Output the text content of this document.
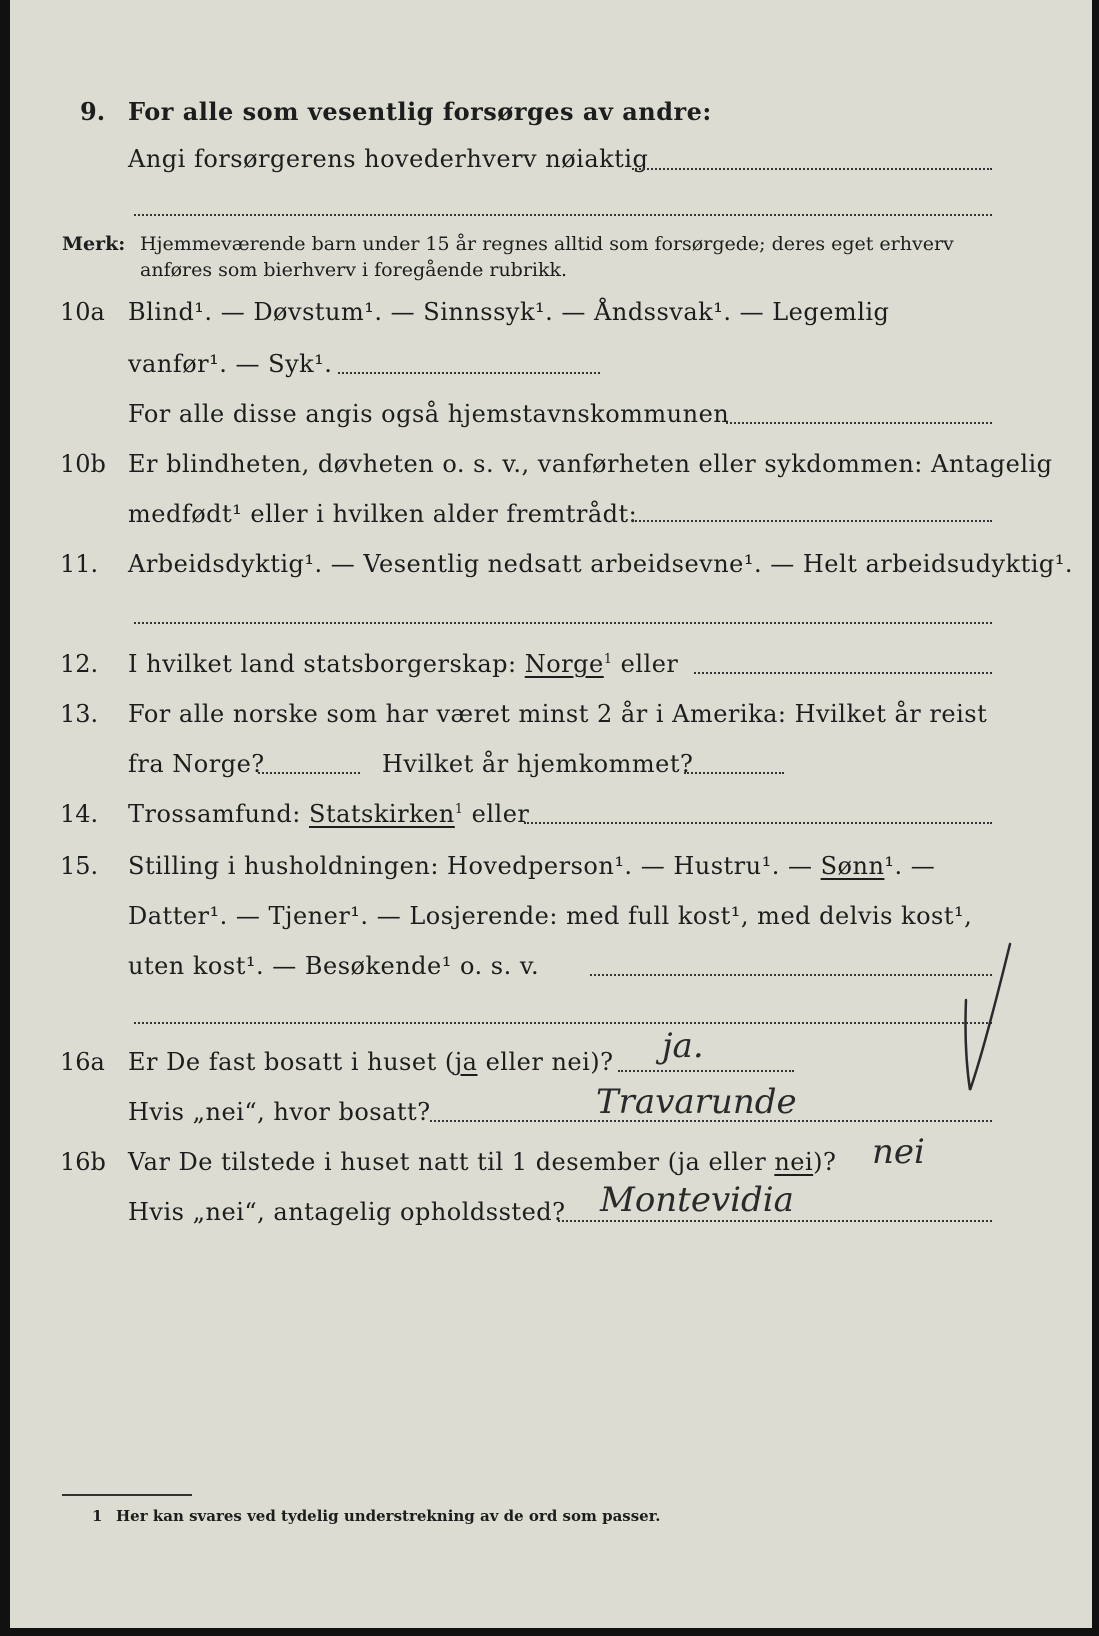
9. For alle som vesentlig forsørges av andre:
Angi forsørgerens hovederhverv nøiaktig
Merk: Hjemmeværende barn under 15 år regnes alltid som forsørgede; deres eget erhverv
anføres som bierhverv i foregående rubrikk.
10a Blind¹. — Døvstum¹. — Sinnssyk¹. — Åndssvak¹. — Legemlig
vanfør¹. — Syk¹.
For alle disse angis også hjemstavnskommunen
10b Er blindheten, døvheten o. s. v., vanførheten eller sykdommen: Antagelig
medfødt¹ eller i hvilken alder fremtrådt:
11. Arbeidsdyktig¹. — Vesentlig nedsatt arbeidsevne¹. — Helt arbeidsudyktig¹.
12. I hvilket land statsborgerskap: Norge$^1$ eller
13. For alle norske som har været minst 2 år i Amerika: Hvilket år reist
fra Norge?	Hvilket år hjemkommet?
14. Trossamfund: Statskirken$^1$ eller
15. Stilling i husholdningen: Hovedperson¹. — Hustru¹. — Sønn¹. —
Datter¹. — Tjener¹. — Losjerende: med full kost¹, med delvis kost¹,
uten kost¹. — Besøkende¹ o. s. v.
16a Er De fast bosatt i huset (ja eller nei)? ja.
Hvis „nei“, hvor bosatt?	Travarunde
16b Var De tilstede i huset natt til 1 desember (ja eller nei)? nei
Hvis „nei“, antagelig opholdssted? Montevidia
1 Her kan svares ved tydelig understrekning av de ord som passer.
